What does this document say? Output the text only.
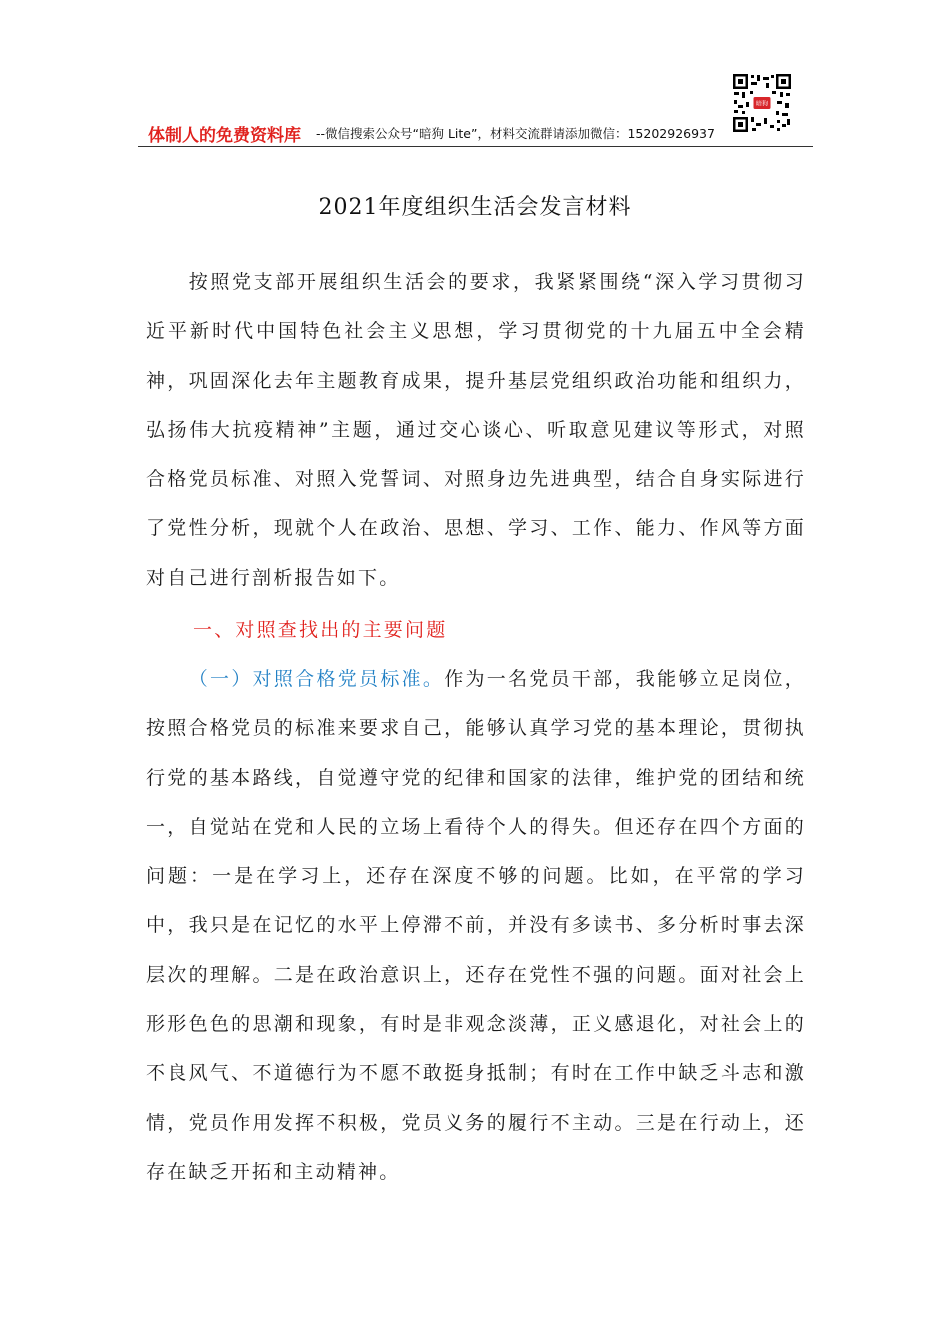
体制人的免费资料库 --微信搜索公众号“暗狗 Lite”，材料交流群请添加微信：15202926937
暗狗
2021年度组织生活会发言材料

按照党支部开展组织生活会的要求，我紧紧围绕“深入学习贯彻习近平新时代中国特色社会主义思想，学习贯彻党的十九届五中全会精神，巩固深化去年主题教育成果，提升基层党组织政治功能和组织力，弘扬伟大抗疫精神”主题，通过交心谈心、听取意见建议等形式，对照合格党员标准、对照入党誓词、对照身边先进典型，结合自身实际进行了党性分析，现就个人在政治、思想、学习、工作、能力、作风等方面对自己进行剖析报告如下。

一、对照查找出的主要问题

（一）对照合格党员标准。作为一名党员干部，我能够立足岗位，按照合格党员的标准来要求自己，能够认真学习党的基本理论，贯彻执行党的基本路线，自觉遵守党的纪律和国家的法律，维护党的团结和统一，自觉站在党和人民的立场上看待个人的得失。但还存在四个方面的问题：一是在学习上，还存在深度不够的问题。比如，在平常的学习中，我只是在记忆的水平上停滞不前，并没有多读书、多分析时事去深层次的理解。二是在政治意识上，还存在党性不强的问题。面对社会上形形色色的思潮和现象，有时是非观念淡薄，正义感退化，对社会上的不良风气、不道德行为不愿不敢挺身抵制；有时在工作中缺乏斗志和激情，党员作用发挥不积极，党员义务的履行不主动。三是在行动上，还存在缺乏开拓和主动精神。
